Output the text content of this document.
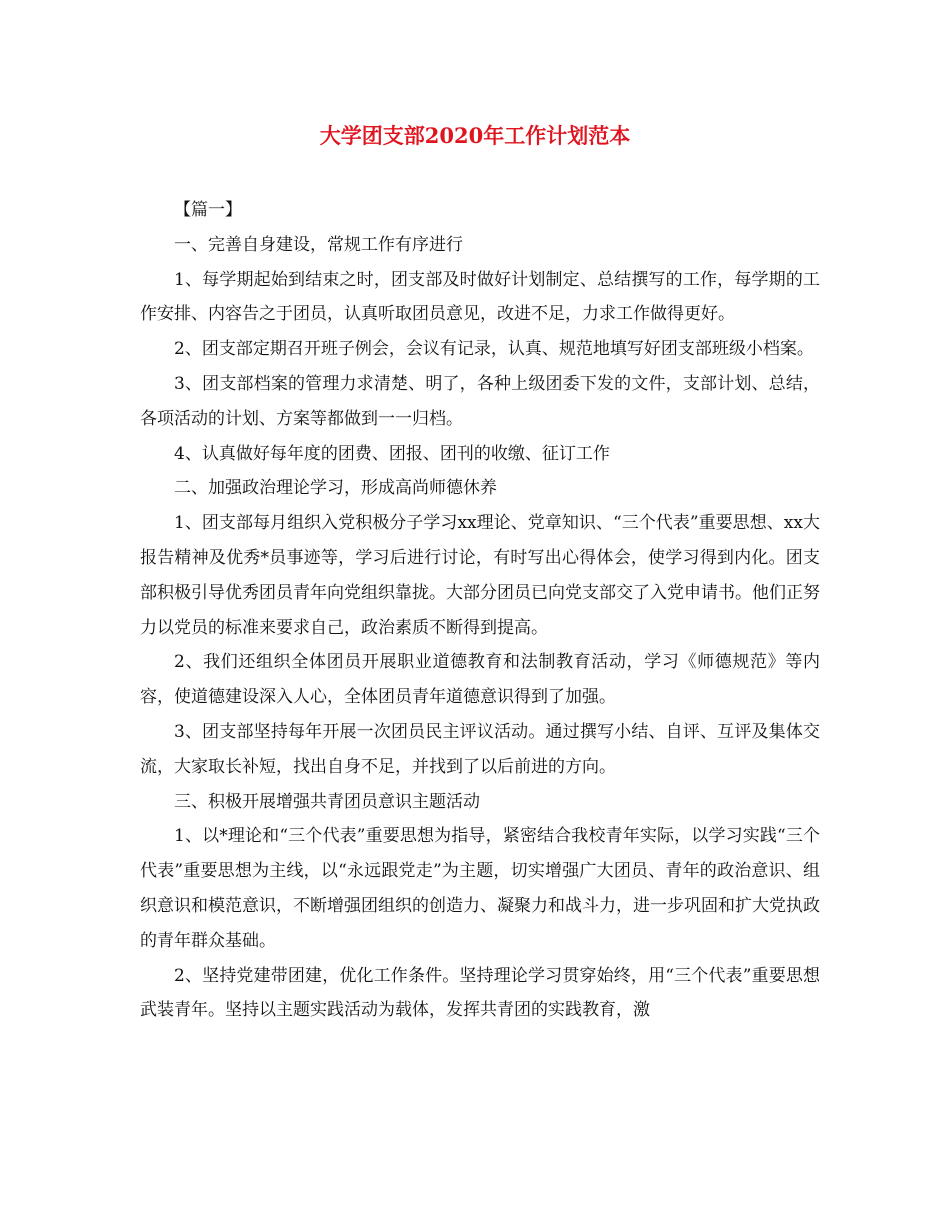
大学团支部2020年工作计划范本

【篇一】

一、完善自身建设，常规工作有序进行

1、每学期起始到结束之时，团支部及时做好计划制定、总结撰写的工作，每学期的工作安排、内容告之于团员，认真听取团员意见，改进不足，力求工作做得更好。

2、团支部定期召开班子例会，会议有记录，认真、规范地填写好团支部班级小档案。

3、团支部档案的管理力求清楚、明了，各种上级团委下发的文件，支部计划、总结，各项活动的计划、方案等都做到一一归档。

4、认真做好每年度的团费、团报、团刊的收缴、征订工作

二、加强政治理论学习，形成高尚师德休养

1、团支部每月组织入党积极分子学习xx理论、党章知识、“三个代表”重要思想、xx大报告精神及优秀*员事迹等，学习后进行讨论，有时写出心得体会，使学习得到内化。团支部积极引导优秀团员青年向党组织靠拢。大部分团员已向党支部交了入党申请书。他们正努力以党员的标准来要求自己，政治素质不断得到提高。

2、我们还组织全体团员开展职业道德教育和法制教育活动，学习《师德规范》等内容，使道德建设深入人心，全体团员青年道德意识得到了加强。

3、团支部坚持每年开展一次团员民主评议活动。通过撰写小结、自评、互评及集体交流，大家取长补短，找出自身不足，并找到了以后前进的方向。

三、积极开展增强共青团员意识主题活动

1、以*理论和“三个代表”重要思想为指导，紧密结合我校青年实际，以学习实践“三个代表”重要思想为主线，以“永远跟党走”为主题，切实增强广大团员、青年的政治意识、组织意识和模范意识，不断增强团组织的创造力、凝聚力和战斗力，进一步巩固和扩大党执政的青年群众基础。

2、坚持党建带团建，优化工作条件。坚持理论学习贯穿始终，用“三个代表”重要思想武装青年。坚持以主题实践活动为载体，发挥共青团的实践教育，激
